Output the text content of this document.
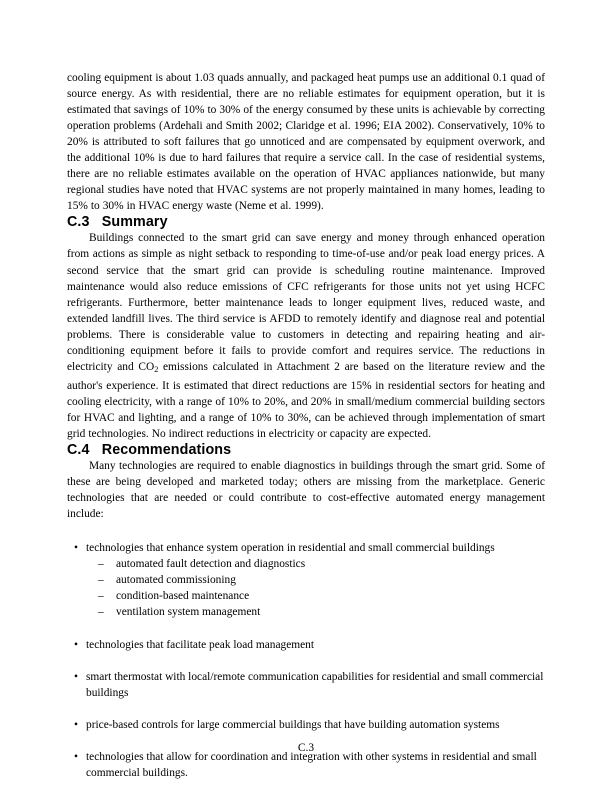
cooling equipment is about 1.03 quads annually, and packaged heat pumps use an additional 0.1 quad of source energy. As with residential, there are no reliable estimates for equipment operation, but it is estimated that savings of 10% to 30% of the energy consumed by these units is achievable by correcting operation problems (Ardehali and Smith 2002; Claridge et al. 1996; EIA 2002). Conservatively, 10% to 20% is attributed to soft failures that go unnoticed and are compensated by equipment overwork, and the additional 10% is due to hard failures that require a service call. In the case of residential systems, there are no reliable estimates available on the operation of HVAC appliances nationwide, but many regional studies have noted that HVAC systems are not properly maintained in many homes, leading to 15% to 30% in HVAC energy waste (Neme et al. 1999).

C.3   Summary

Buildings connected to the smart grid can save energy and money through enhanced operation from actions as simple as night setback to responding to time-of-use and/or peak load energy prices. A second service that the smart grid can provide is scheduling routine maintenance. Improved maintenance would also reduce emissions of CFC refrigerants for those units not yet using HCFC refrigerants. Furthermore, better maintenance leads to longer equipment lives, reduced waste, and extended landfill lives. The third service is AFDD to remotely identify and diagnose real and potential problems. There is considerable value to customers in detecting and repairing heating and air-conditioning equipment before it fails to provide comfort and requires service. The reductions in electricity and $CO_2$ emissions calculated in Attachment 2 are based on the literature review and the author's experience. It is estimated that direct reductions are 15% in residential sectors for heating and cooling electricity, with a range of 10% to 20%, and 20% in small/medium commercial building sectors for HVAC and lighting, and a range of 10% to 30%, can be achieved through implementation of smart grid technologies. No indirect reductions in electricity or capacity are expected.

C.4   Recommendations

Many technologies are required to enable diagnostics in buildings through the smart grid. Some of these are being developed and marketed today; others are missing from the marketplace. Generic technologies that are needed or could contribute to cost-effective automated energy management include:

• technologies that enhance system operation in residential and small commercial buildings
– automated fault detection and diagnostics
– automated commissioning
– condition-based maintenance
– ventilation system management
• technologies that facilitate peak load management
• smart thermostat with local/remote communication capabilities for residential and small commercial buildings
• price-based controls for large commercial buildings that have building automation systems
• technologies that allow for coordination and integration with other systems in residential and small commercial buildings.
C.3
